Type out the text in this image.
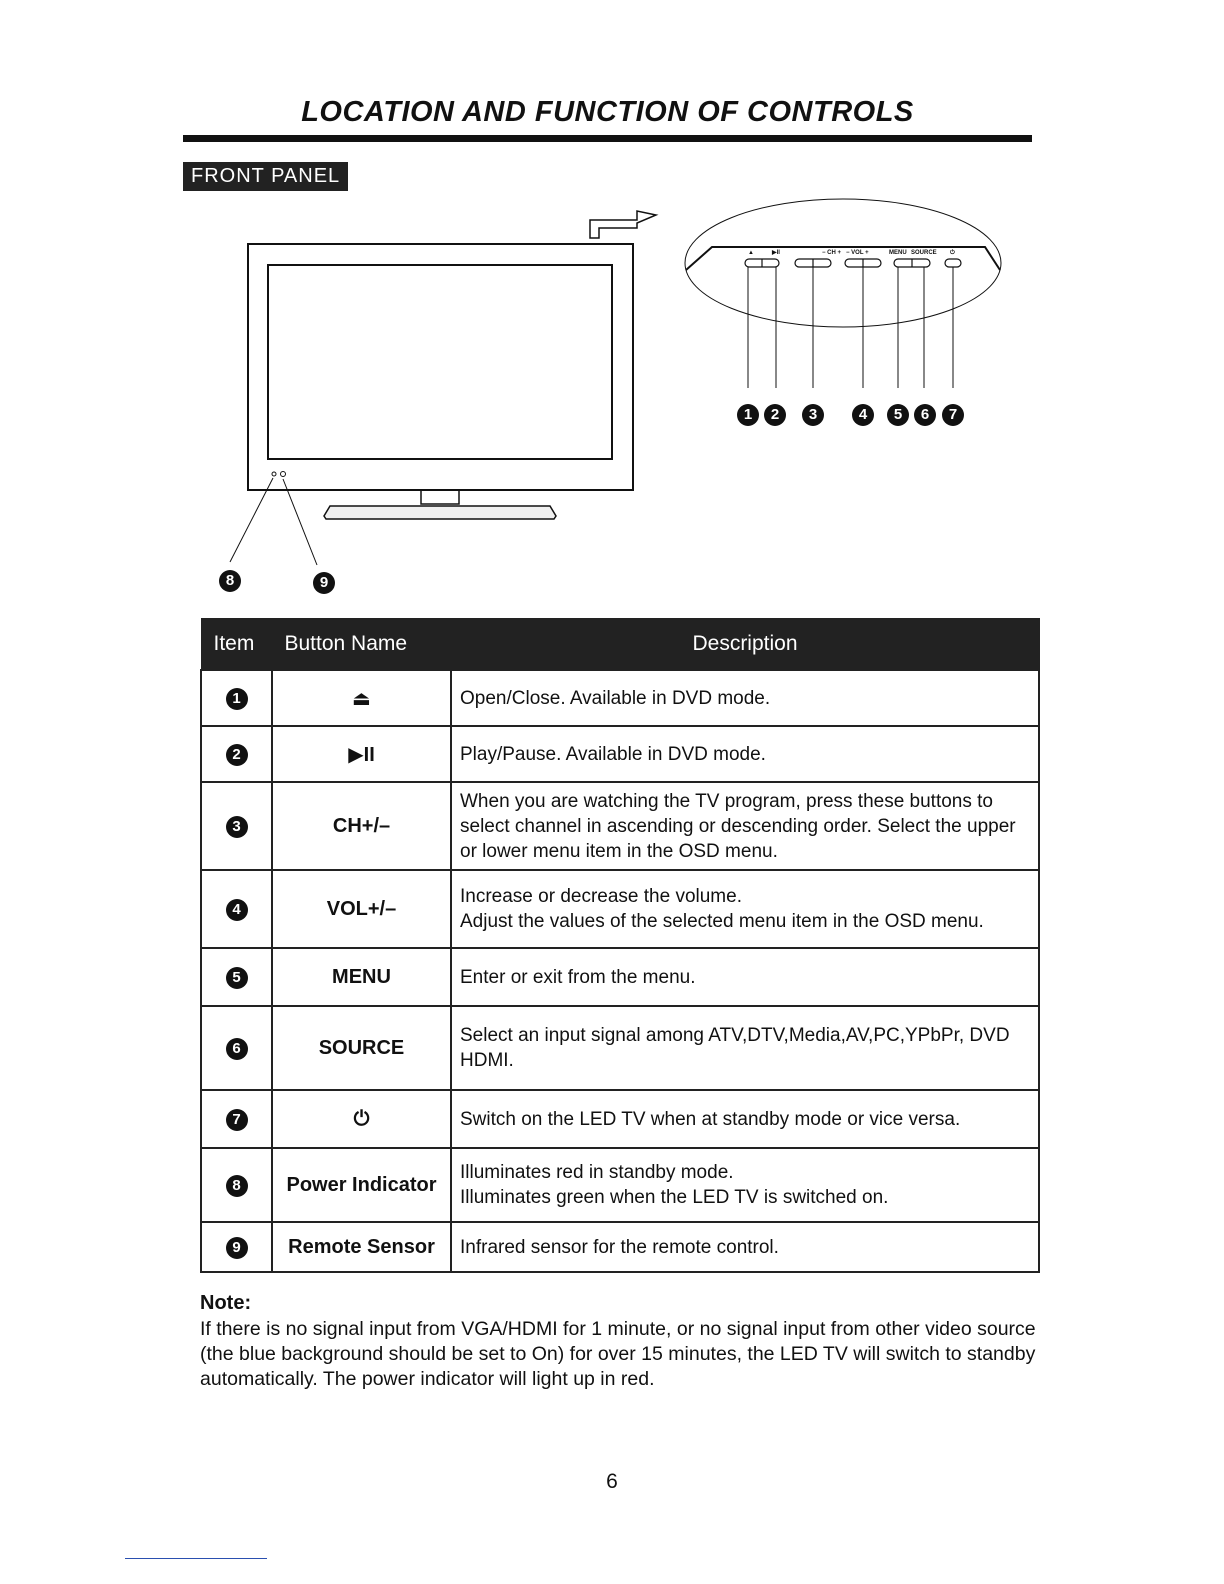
LOCATION AND FUNCTION OF CONTROLS
FRONT PANEL
▲	▶II	− CH + − VOL +	MENU SOURCE ⏻
1	2	3	4	5	6	7
8	9
Item	Button Name	Description
1	⏏	Open/Close. Available in DVD mode.
2	▶II	Play/Pause. Available in DVD mode.
3	CH+/–	When you are watching the TV program, press these buttons to select channel in ascending or descending order. Select the upper or lower menu item in the OSD menu.
4	VOL+/–	Increase or decrease the volume.
Adjust the values of the selected menu item in the OSD menu.
5	MENU	Enter or exit from the menu.
6	SOURCE	Select an input signal among ATV,DTV,Media,AV,PC,YPbPr, DVD HDMI.
7	⏻	Switch on the LED TV when at standby mode or vice versa.
8	Power Indicator	Illuminates red in standby mode.
Illuminates green when the LED TV is switched on.
9	Remote Sensor	Infrared sensor for the remote control.
Note:
If there is no signal input from VGA/HDMI for 1 minute, or no signal input from other video source (the blue background should be set to On) for over 15 minutes, the LED TV will switch to standby automatically. The power indicator will light up in red.
6
